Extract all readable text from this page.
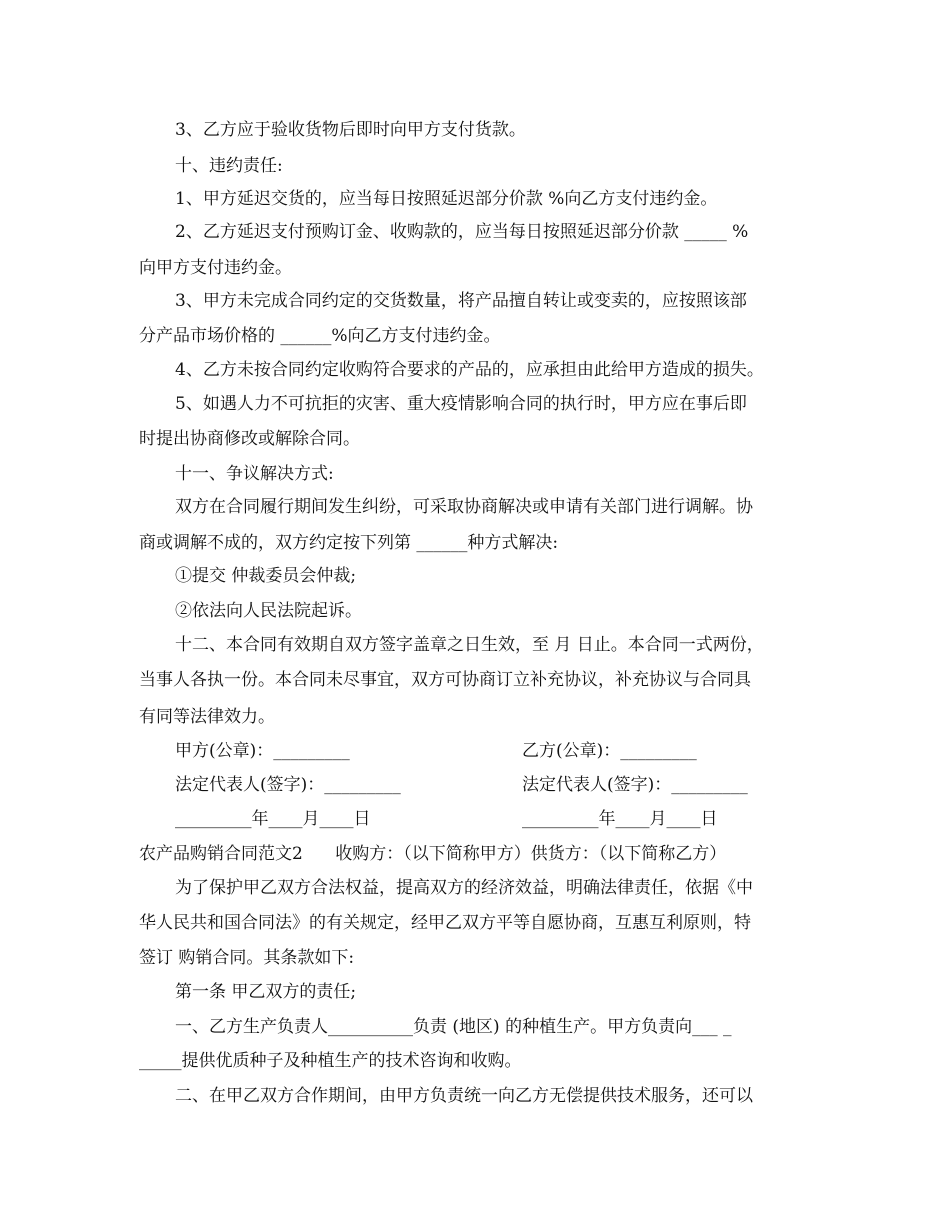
3、乙方应于验收货物后即时向甲方支付货款。
十、违约责任:
1、甲方延迟交货的，应当每日按照延迟部分价款 %向乙方支付违约金。
2、乙方延迟支付预购订金、收购款的，应当每日按照延迟部分价款 _____ %
向甲方支付违约金。
3、甲方未完成合同约定的交货数量，将产品擅自转让或变卖的，应按照该部
分产品市场价格的 ______%向乙方支付违约金。
4、乙方未按合同约定收购符合要求的产品的，应承担由此给甲方造成的损失。
5、如遇人力不可抗拒的灾害、重大疫情影响合同的执行时，甲方应在事后即
时提出协商修改或解除合同。
十一、争议解决方式:
双方在合同履行期间发生纠纷，可采取协商解决或申请有关部门进行调解。协
商或调解不成的，双方约定按下列第 ______种方式解决:
①提交 仲裁委员会仲裁;
②依法向人民法院起诉。
十二、本合同有效期自双方签字盖章之日生效，至 月 日止。本合同一式两份，
当事人各执一份。本合同未尽事宜，双方可协商订立补充协议，补充协议与合同具
有同等法律效力。
甲方(公章)：_________	乙方(公章)：_________
法定代表人(签字)：_________	法定代表人(签字)：_________
_________年____月____日	_________年____月____日
农产品购销合同范文2      收购方：（以下简称甲方）供货方：（以下简称乙方）
为了保护甲乙双方合法权益，提高双方的经济效益，明确法律责任，依据《中
华人民共和国合同法》的有关规定，经甲乙双方平等自愿协商，互惠互利原则，特
签订 购销合同。其条款如下:
第一条 甲乙双方的责任;
一、乙方生产负责人__________负责 (地区) 的种植生产。甲方负责向___ _
_____提供优质种子及种植生产的技术咨询和收购。
二、在甲乙双方合作期间，由甲方负责统一向乙方无偿提供技术服务，还可以
